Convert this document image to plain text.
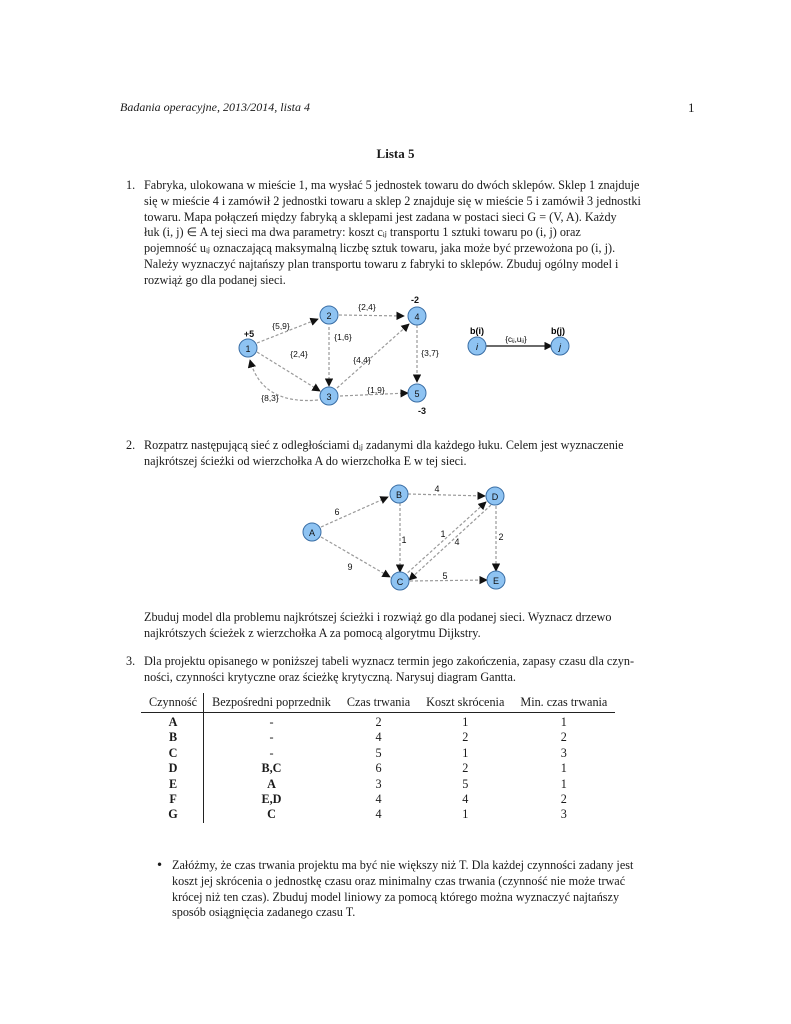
Badania operacyjne, 2013/2014, lista 4	1
Lista 5
1. Fabryka, ulokowana w mieście 1, ma wysłać 5 jednostek towaru do dwóch sklepów. Sklep 1 znajduje
się w mieście 4 i zamówił 2 jednostki towaru a sklep 2 znajduje się w mieście 5 i zamówił 3 jednostki
towaru. Mapa połączeń między fabryką a sklepami jest zadana w postaci sieci G = (V, A). Każdy
łuk (i, j) ∈ A tej sieci ma dwa parametry: koszt cᵢⱼ transportu 1 sztuki towaru po (i, j) oraz
pojemność uᵢⱼ oznaczającą maksymalną liczbę sztuk towaru, jaka może być przewożona po (i, j).
Należy wyznaczyć najtańszy plan transportu towaru z fabryki to sklepów. Zbuduj ogólny model i
rozwiąż go dla podanej sieci.
1
2
3
4
5
+5
-2
-3
{5,9}
{2,4}
{1,6}
{2,4}
{4,4}
{3,7}
{1,9}
{8,3}
i	j
b(i)	b(j)
{cᵢⱼ,uᵢⱼ}
2. Rozpatrz następującą sieć z odległościami dᵢⱼ zadanymi dla każdego łuku. Celem jest wyznaczenie
najkrótszej ścieżki od wierzchołka A do wierzchołka E w tej sieci.
A
B
C
D
E
6
9
4
1
1
4	2
5
Zbuduj model dla problemu najkrótszej ścieżki i rozwiąż go dla podanej sieci. Wyznacz drzewo
najkrótszych ścieżek z wierzchołka A za pomocą algorytmu Dijkstry.
3. Dla projektu opisanego w poniższej tabeli wyznacz termin jego zakończenia, zapasy czasu dla czyn-
ności, czynności krytyczne oraz ścieżkę krytyczną. Narysuj diagram Gantta.
Czynność	Bezpośredni poprzednik	Czas trwania	Koszt skrócenia	Min. czas trwania
A	-	2	1	1
B	-	4	2	2
C	-	5	1	3
D	B,C	6	2	1
E	A	3	5	1
F	E,D	4	4	2
G	C	4	1	3
• Załóżmy, że czas trwania projektu ma być nie większy niż T. Dla każdej czynności zadany jest
koszt jej skrócenia o jednostkę czasu oraz minimalny czas trwania (czynność nie może trwać
krócej niż ten czas). Zbuduj model liniowy za pomocą którego można wyznaczyć najtańszy
sposób osiągnięcia zadanego czasu T.
